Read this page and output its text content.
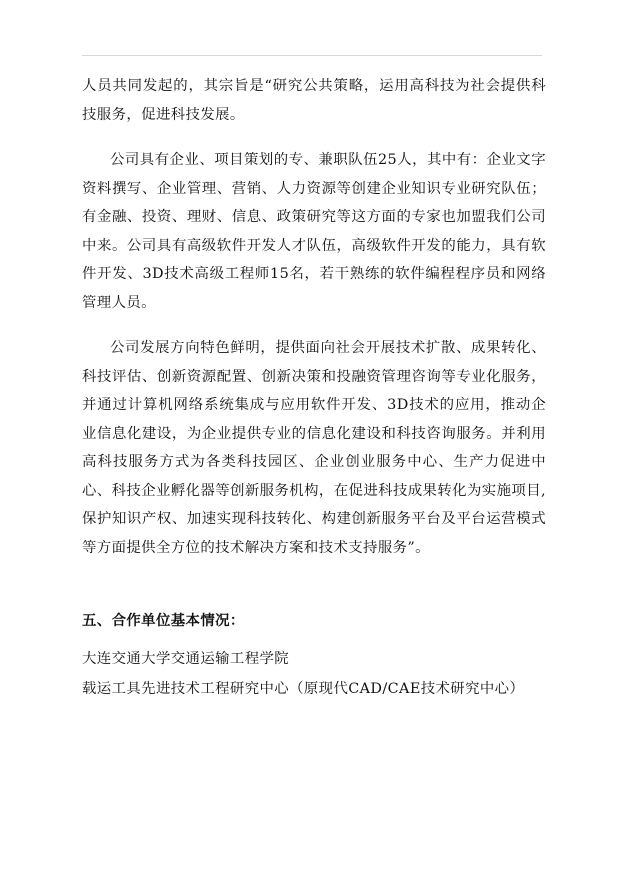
人员共同发起的，其宗旨是“研究公共策略，运用高科技为社会提供科技服务，促进科技发展。

公司具有企业、项目策划的专、兼职队伍25人，其中有：企业文字资料撰写、企业管理、营销、人力资源等创建企业知识专业研究队伍；有金融、投资、理财、信息、政策研究等这方面的专家也加盟我们公司中来。公司具有高级软件开发人才队伍，高级软件开发的能力，具有软件开发、3D技术高级工程师15名，若干熟练的软件编程程序员和网络管理人员。

公司发展方向特色鲜明，提供面向社会开展技术扩散、成果转化、科技评估、创新资源配置、创新决策和投融资管理咨询等专业化服务，并通过计算机网络系统集成与应用软件开发、3D技术的应用，推动企业信息化建设，为企业提供专业的信息化建设和科技咨询服务。并利用高科技服务方式为各类科技园区、企业创业服务中心、生产力促进中心、科技企业孵化器等创新服务机构，在促进科技成果转化为实施项目,保护知识产权、加速实现科技转化、构建创新服务平台及平台运营模式等方面提供全方位的技术解决方案和技术支持服务”。

五、合作单位基本情况：

大连交通大学交通运输工程学院

载运工具先进技术工程研究中心（原现代CAD/CAE技术研究中心）
